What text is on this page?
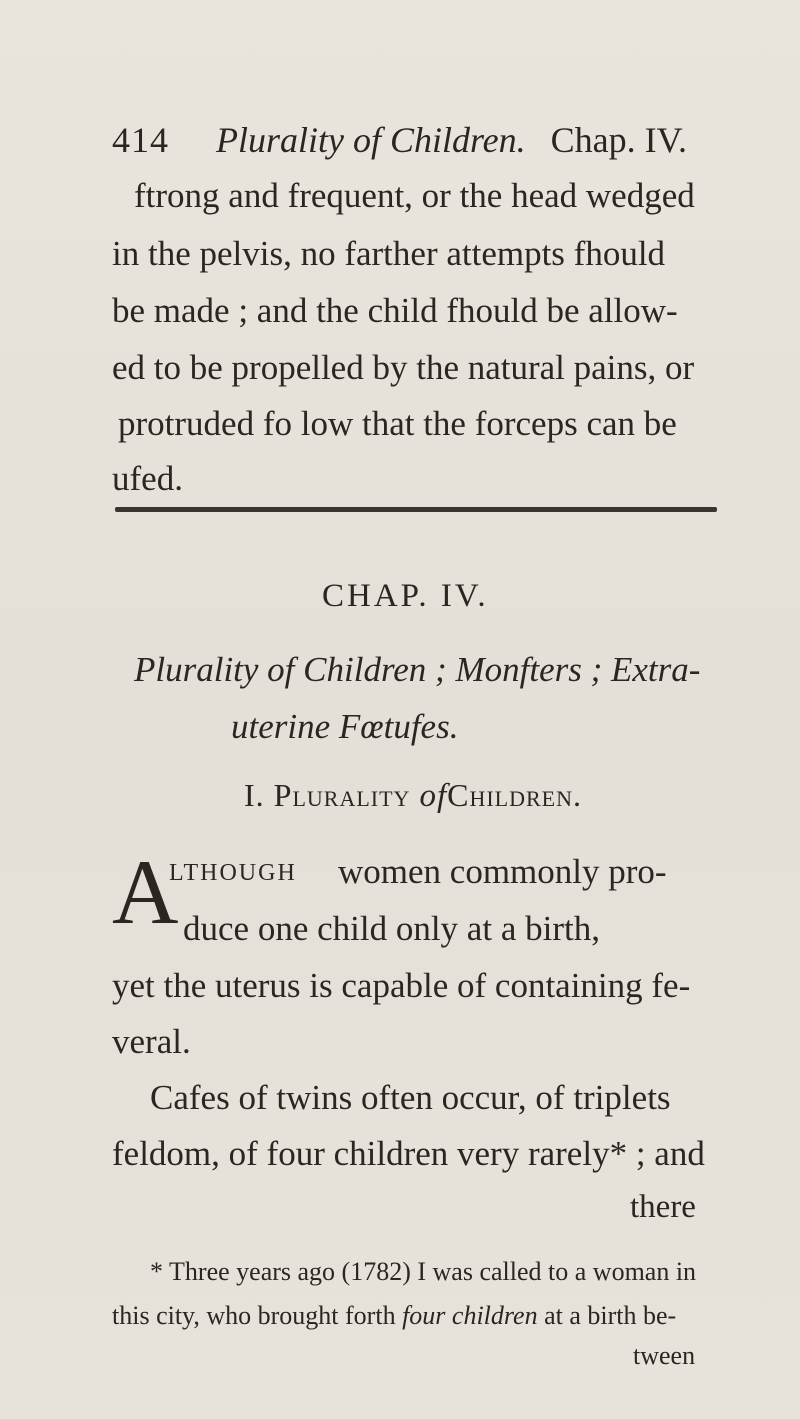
414 Plurality of Children. Chap. IV.
ftrong and frequent, or the head wedged
in the pelvis, no farther attempts fhould
be made ; and the child fhould be allow-
ed to be propelled by the natural pains, or
protruded fo low that the forceps can be
ufed.
CHAP. IV.
Plurality of Children ; Monfters ; Extra-
uterine Fœtufes.
I. Plurality ofChildren.
A
LTHOUGH women commonly pro-
duce one child only at a birth,
yet the uterus is capable of containing fe-
veral.
Cafes of twins often occur, of triplets
feldom, of four children very rarely* ; and
there
* Three years ago (1782) I was called to a woman in
this city, who brought forth four children at a birth be-
tween
